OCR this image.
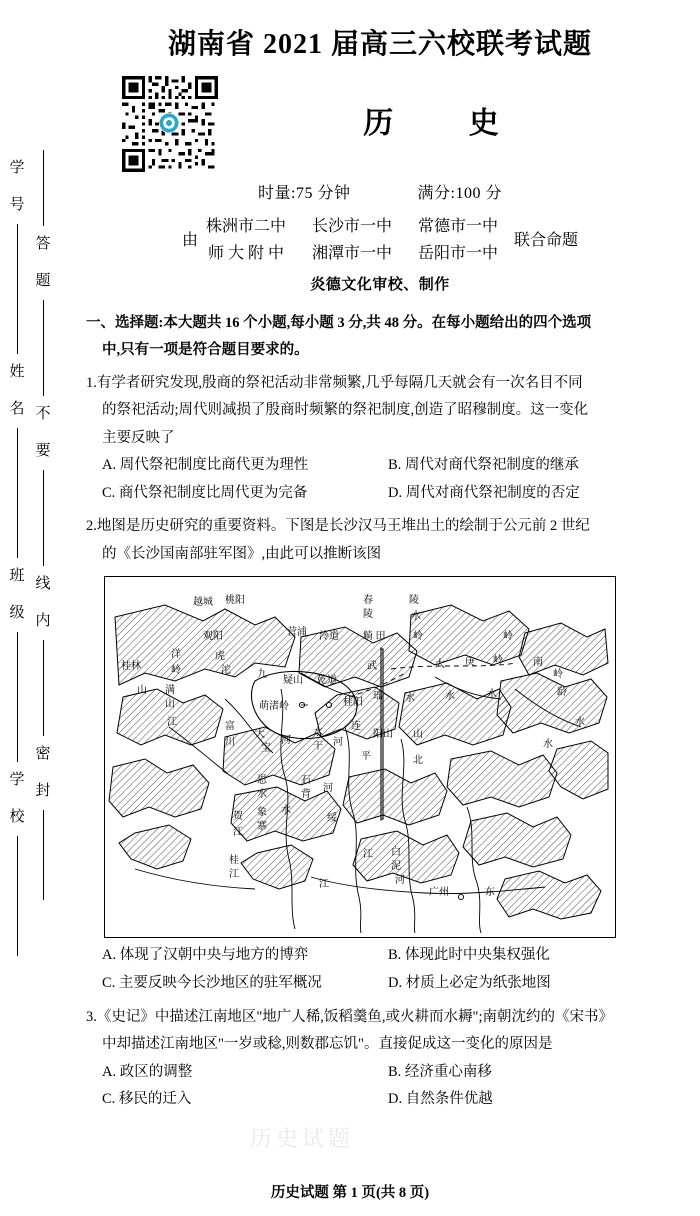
学
号
姓
名
班
级
学
校
答
题
不
要
线
内
密
封
湖南省 2021 届高三六校联考试题
历 史
时量:75 分钟	满分:100 分
由
株洲市二中 长沙市一中 常德市一中
师 大 附 中 湘潭市一中 岳阳市一中
联合命题
炎德文化审校、制作
一、选择题:本大题共 16 个小题,每小题 3 分,共 48 分。在每小题给出的四个选项
中,只有一项是符合题目要求的。
1.有学者研究发现,殷商的祭祀活动非常频繁,几乎每隔几天就会有一次名目不同
的祭祀活动;周代则减损了殷商时频繁的祭祀制度,创造了昭穆制度。这一变化
主要反映了
A. 周代祭祀制度比商代更为理性	B. 周代对商代祭祀制度的继承
C. 商代祭祀制度比周代更为完备	D. 周代对商代祭祀制度的否定
2.地图是历史研究的重要资料。下图是长沙汉马王堆出土的绘制于公元前 2 世纪
的《长沙国南部驻军图》,由此可以推断该图
越城 桃阳	春	陵
陵	水
观阳	营浦 泠道 觭 田	岭	岭
桂林
洋	虎
沱
岭	九
疑山 乾道
武	大 庚 岭
满
山
山
萌渚岭	桂阳
瑶 水	水	水
南
岭
龄
江	富
川
大
宝
河
水
干 河
连
阳山 山
平	北
恩
水
石
背
河
象
寨
水
贺
江
绥
桂
江
江 白
泥
河
江
广州	东
水
水
A. 体现了汉朝中央与地方的博弈	B. 体现此时中央集权强化
C. 主要反映今长沙地区的驻军概况	D. 材质上必定为纸张地图
3.《史记》中描述江南地区"地广人稀,饭稻羹鱼,或火耕而水耨";南朝沈约的《宋书》
中却描述江南地区"一岁或稔,则数郡忘饥"。直接促成这一变化的原因是
A. 政区的调整	B. 经济重心南移
C. 移民的迁入	D. 自然条件优越
历史试题
历史试题 第 1 页(共 8 页)
